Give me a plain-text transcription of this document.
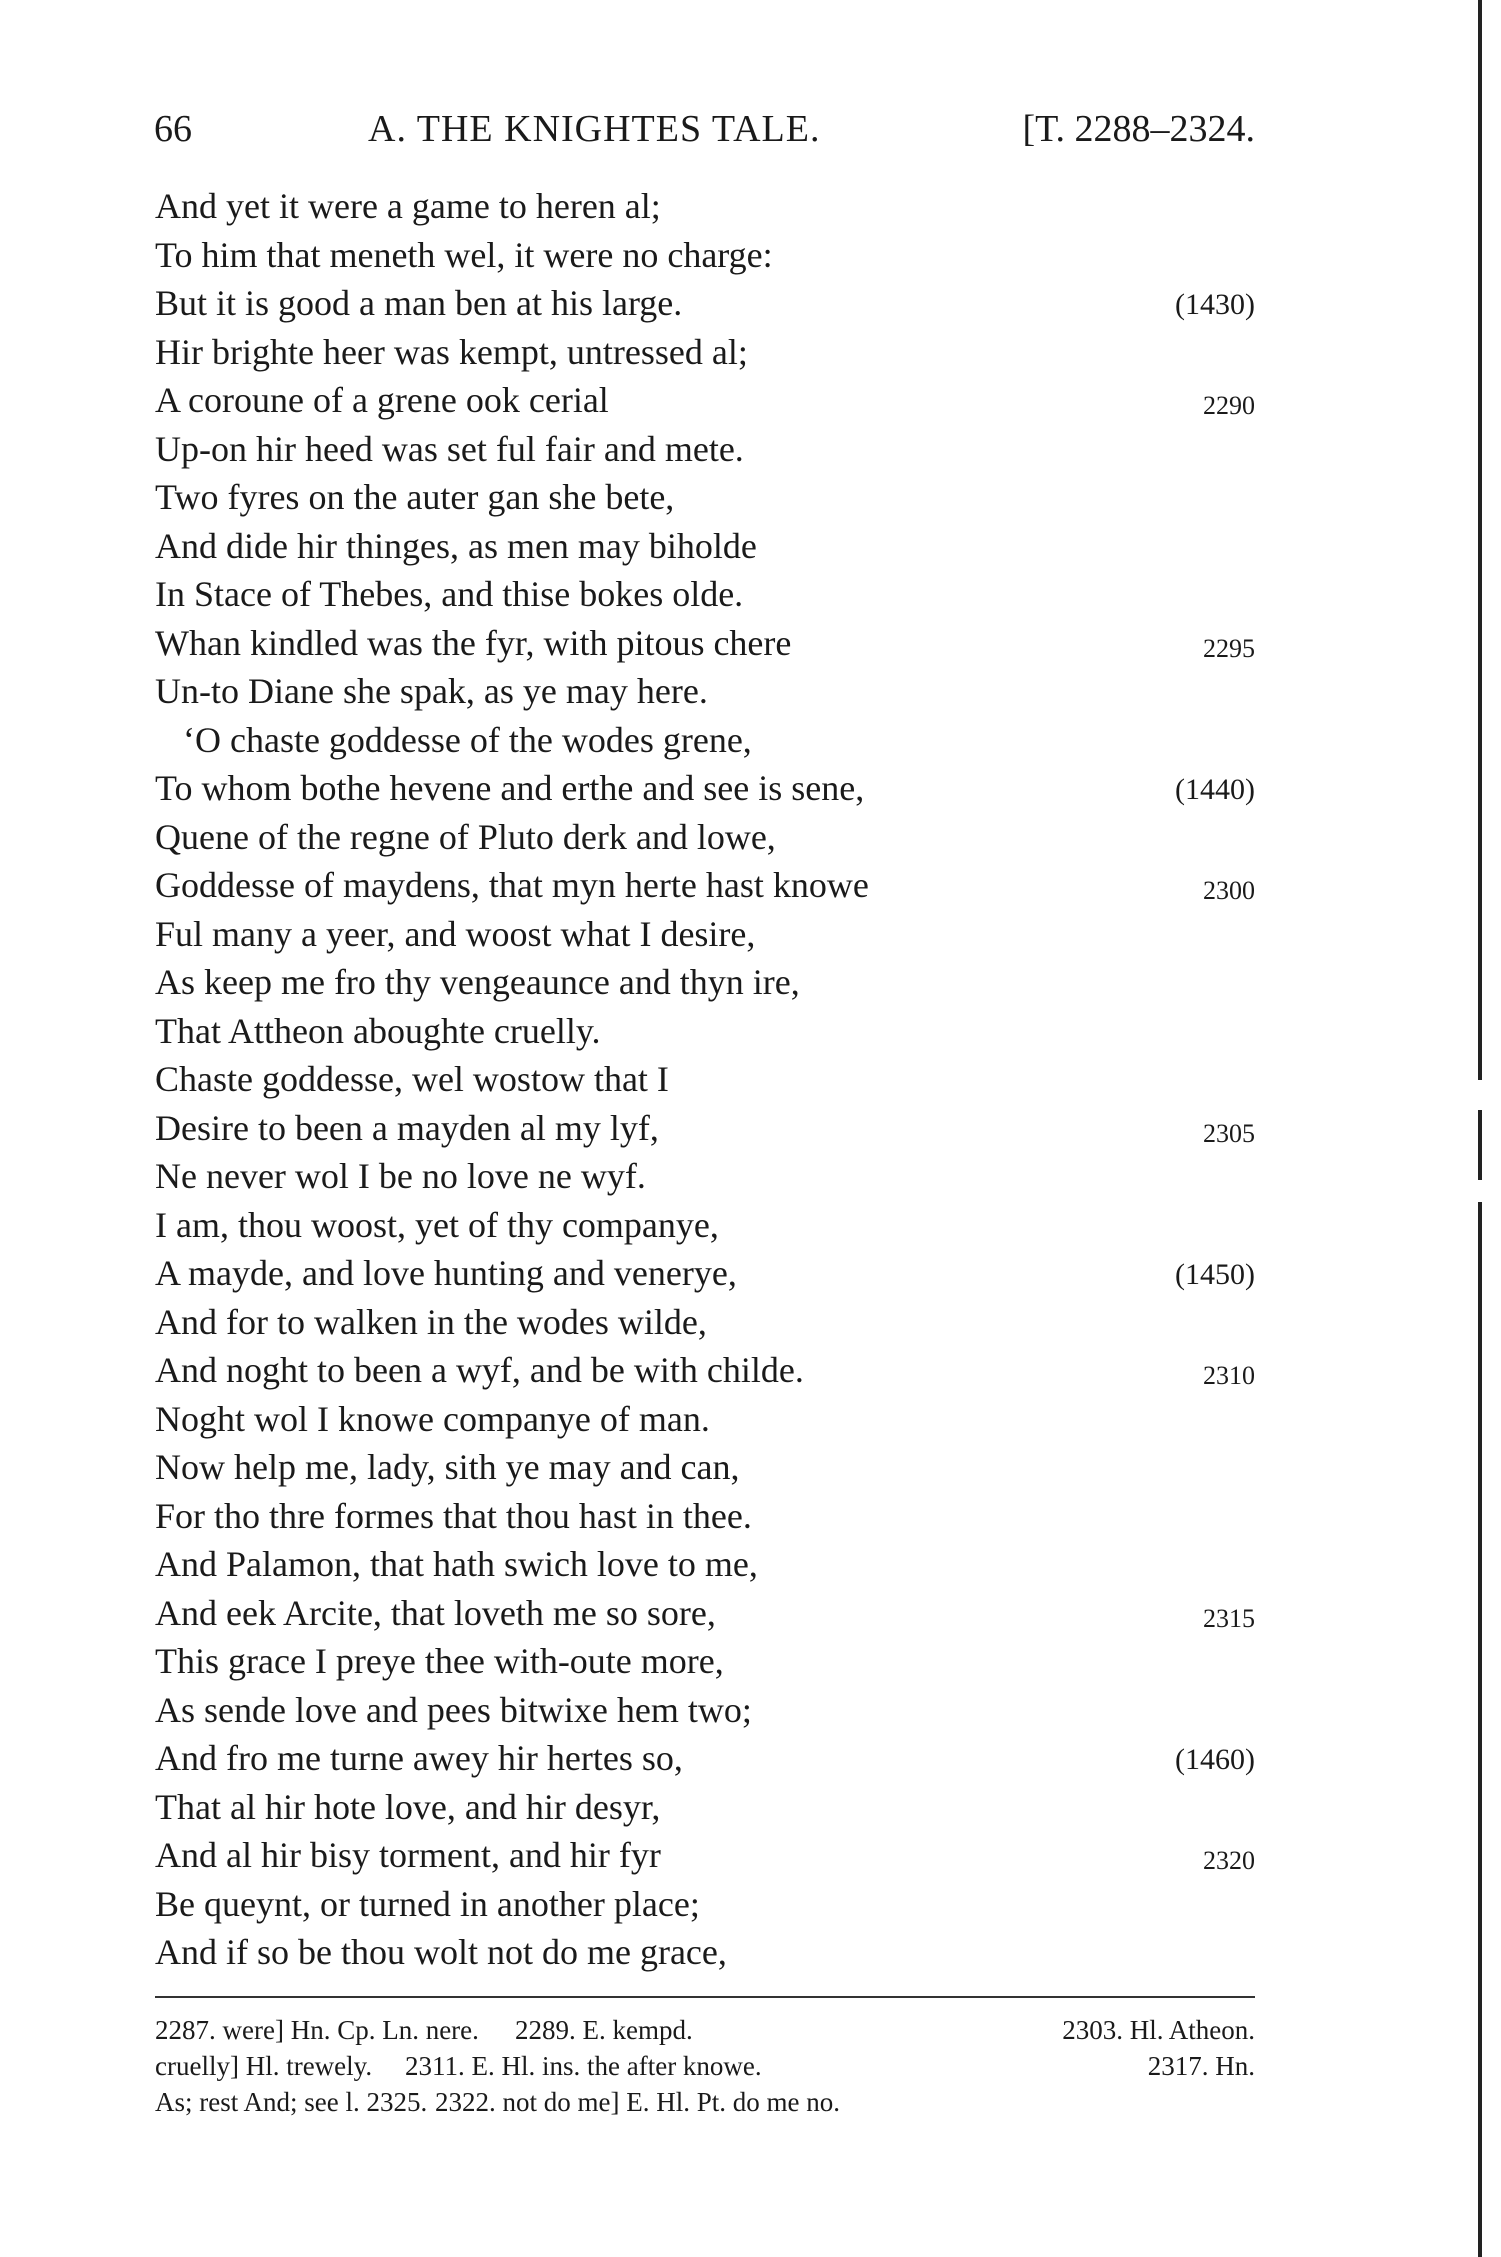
66	A. THE KNIGHTES TALE.	[T. 2288–2324.
And yet it were a game to heren al;
To him that meneth wel, it were no charge:
But it is good a man ben at his large.	(1430)
Hir brighte heer was kempt, untressed al;
A coroune of a grene ook cerial	2290
Up-on hir heed was set ful fair and mete.
Two fyres on the auter gan she bete,
And dide hir thinges, as men may biholde
In Stace of Thebes, and thise bokes olde.
Whan kindled was the fyr, with pitous chere	2295
Un-to Diane she spak, as ye may here.
‘O chaste goddesse of the wodes grene,
To whom bothe hevene and erthe and see is sene,	(1440)
Quene of the regne of Pluto derk and lowe,
Goddesse of maydens, that myn herte hast knowe	2300
Ful many a yeer, and woost what I desire,
As keep me fro thy vengeaunce and thyn ire,
That Attheon aboughte cruelly.
Chaste goddesse, wel wostow that I
Desire to been a mayden al my lyf,	2305
Ne never wol I be no love ne wyf.
I am, thou woost, yet of thy companye,
A mayde, and love hunting and venerye,	(1450)
And for to walken in the wodes wilde,
And noght to been a wyf, and be with childe.	2310
Noght wol I knowe companye of man.
Now help me, lady, sith ye may and can,
For tho thre formes that thou hast in thee.
And Palamon, that hath swich love to me,
And eek Arcite, that loveth me so sore,	2315
This grace I preye thee with-oute more,
As sende love and pees bitwixe hem two;
And fro me turne awey hir hertes so,	(1460)
That al hir hote love, and hir desyr,
And al hir bisy torment, and hir fyr	2320
Be queynt, or turned in another place;
And if so be thou wolt not do me grace,
2287. were] Hn. Cp. Ln. nere. 2289. E. kempd.	2303. Hl. Atheon.
cruelly] Hl. trewely. 2311. E. Hl. ins. the after knowe.	2317. Hn.
As; rest And; see l. 2325. 2322. not do me] E. Hl. Pt. do me no.
